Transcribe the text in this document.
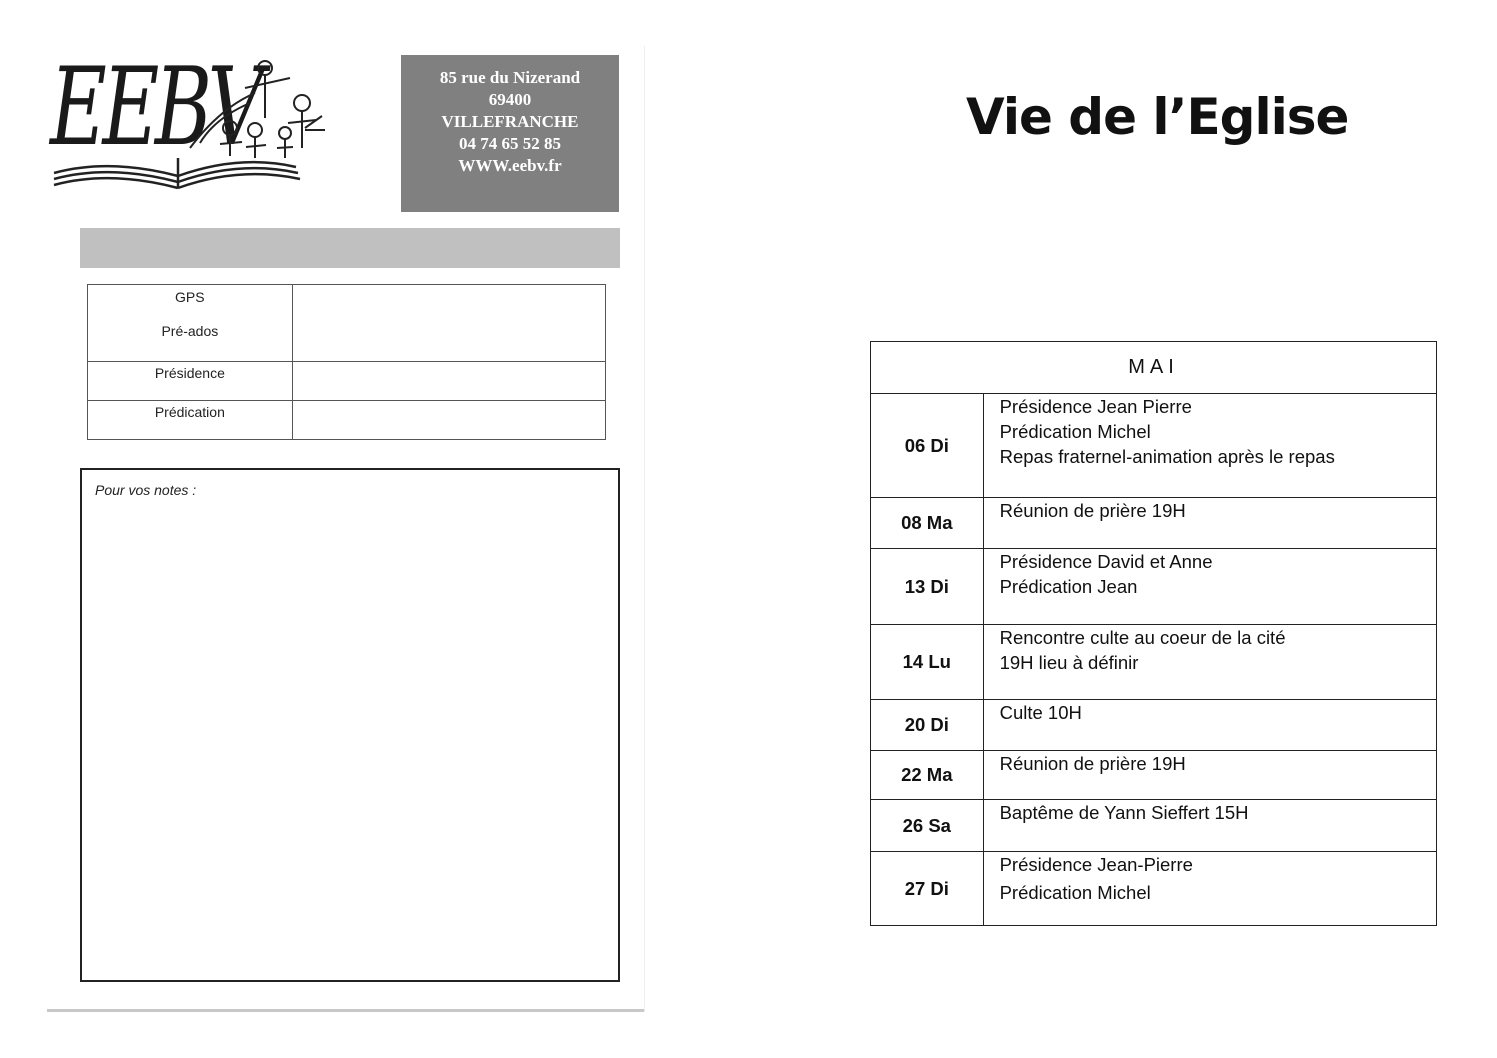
EEBV	85 rue du Nizerand
69400
VILLEFRANCHE
04 74 65 52 85
WWW.eebv.fr
GPS
Pré-ados	

Présidence	

Prédication	

Pour vos notes :
Vie de l’Eglise
MAI	
06 Di	Présidence Jean Pierre
Prédication Michel
Repas fraternel-animation après le repas

08 Ma	Réunion de prière 19H

13 Di	Présidence David et Anne
Prédication Jean

14 Lu	Rencontre culte au coeur de la cité
19H lieu à définir

20 Di	Culte 10H

22 Ma	Réunion de prière 19H

26 Sa	Baptême de Yann Sieffert 15H

27 Di	Présidence Jean-Pierre
Prédication Michel
